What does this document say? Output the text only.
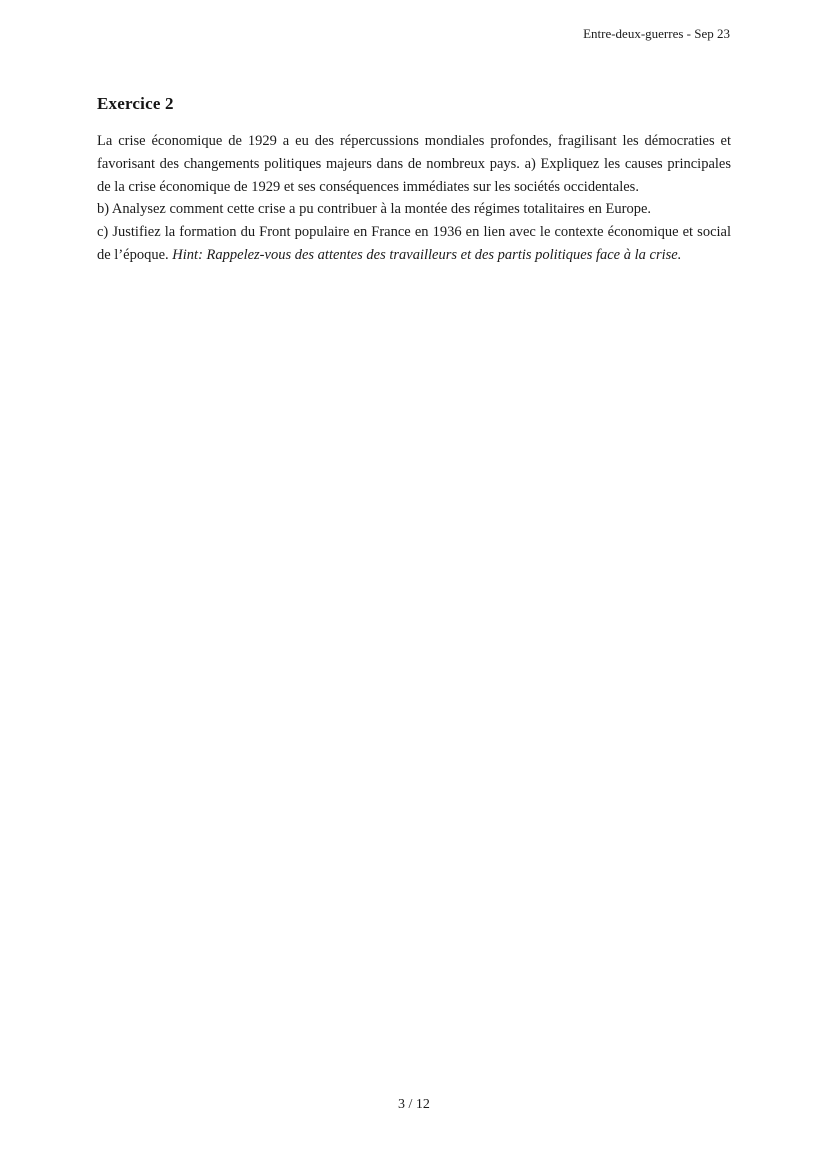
Entre-deux-guerres - Sep 23
Exercice 2
La crise économique de 1929 a eu des répercussions mondiales profondes, fragilisant les démocraties et favorisant des changements politiques majeurs dans de nombreux pays. a) Expliquez les causes principales de la crise économique de 1929 et ses conséquences immédiates sur les sociétés occidentales.
b) Analysez comment cette crise a pu contribuer à la montée des régimes totalitaires en Europe.
c) Justifiez la formation du Front populaire en France en 1936 en lien avec le contexte économique et social de l’époque. Hint: Rappelez-vous des attentes des travailleurs et des partis politiques face à la crise.
3 / 12
